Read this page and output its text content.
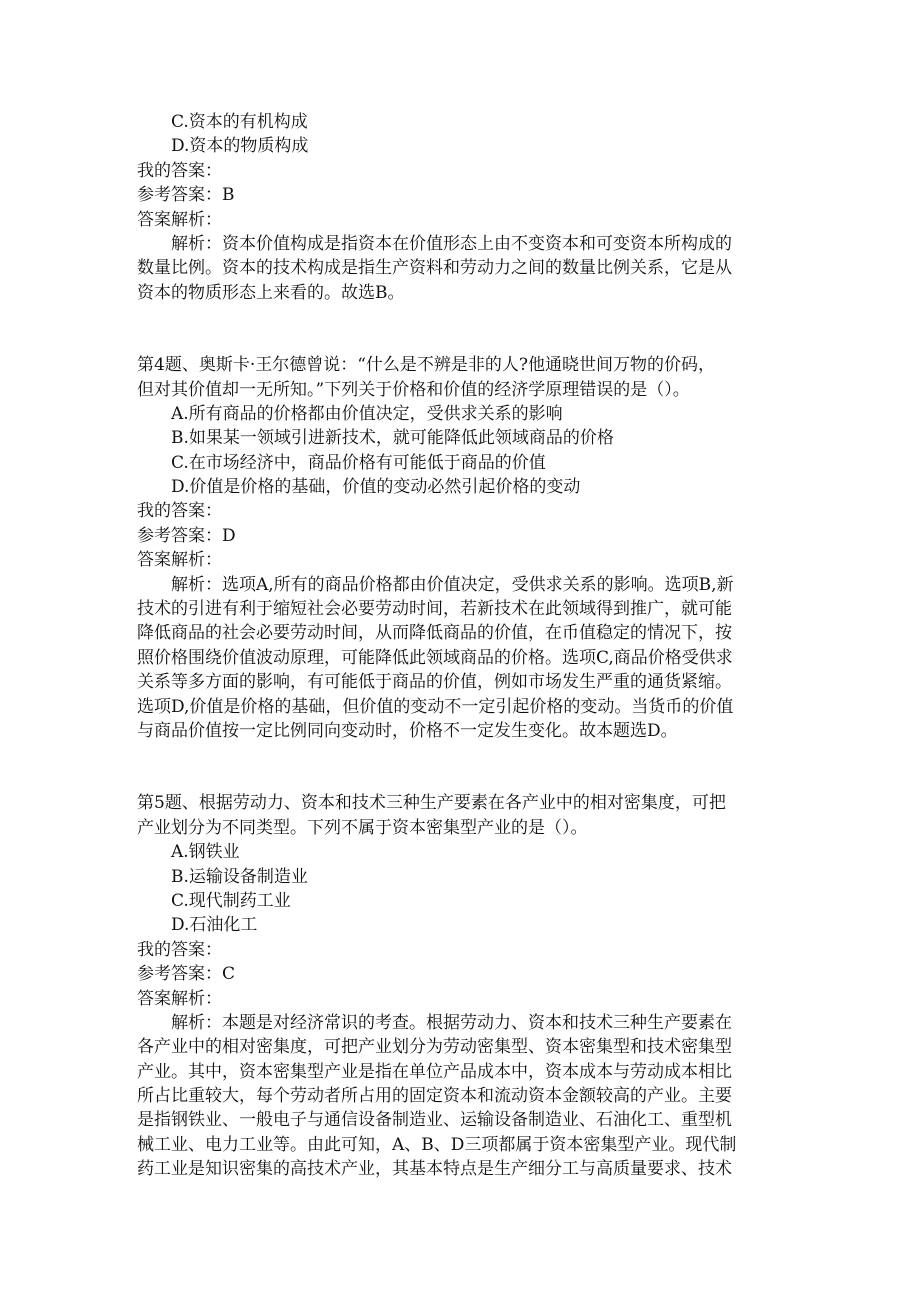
C.资本的有机构成
D.资本的物质构成
我的答案：
参考答案：B
答案解析：
解析：资本价值构成是指资本在价值形态上由不变资本和可变资本所构成的
数量比例。资本的技术构成是指生产资料和劳动力之间的数量比例关系，它是从
资本的物质形态上来看的。故选B。
第4题、奥斯卡·王尔德曾说：“什么是不辨是非的人?他通晓世间万物的价码，
但对其价值却一无所知。”下列关于价格和价值的经济学原理错误的是（）。
A.所有商品的价格都由价值决定，受供求关系的影响
B.如果某一领域引进新技术，就可能降低此领域商品的价格
C.在市场经济中，商品价格有可能低于商品的价值
D.价值是价格的基础，价值的变动必然引起价格的变动
我的答案：
参考答案：D
答案解析：
解析：选项A,所有的商品价格都由价值决定，受供求关系的影响。选项B,新
技术的引进有利于缩短社会必要劳动时间，若新技术在此领域得到推广，就可能
降低商品的社会必要劳动时间，从而降低商品的价值，在币值稳定的情况下，按
照价格围绕价值波动原理，可能降低此领域商品的价格。选项C,商品价格受供求
关系等多方面的影响，有可能低于商品的价值，例如市场发生严重的通货紧缩。
选项D,价值是价格的基础，但价值的变动不一定引起价格的变动。当货币的价值
与商品价值按一定比例同向变动时，价格不一定发生变化。故本题选D。
第5题、根据劳动力、资本和技术三种生产要素在各产业中的相对密集度，可把
产业划分为不同类型。下列不属于资本密集型产业的是（）。
A.钢铁业
B.运输设备制造业
C.现代制药工业
D.石油化工
我的答案：
参考答案：C
答案解析：
解析：本题是对经济常识的考查。根据劳动力、资本和技术三种生产要素在
各产业中的相对密集度，可把产业划分为劳动密集型、资本密集型和技术密集型
产业。其中，资本密集型产业是指在单位产品成本中，资本成本与劳动成本相比
所占比重较大，每个劳动者所占用的固定资本和流动资本金额较高的产业。主要
是指钢铁业、一般电子与通信设备制造业、运输设备制造业、石油化工、重型机
械工业、电力工业等。由此可知，A、B、D三项都属于资本密集型产业。现代制
药工业是知识密集的高技术产业，其基本特点是生产细分工与高质量要求、技术
